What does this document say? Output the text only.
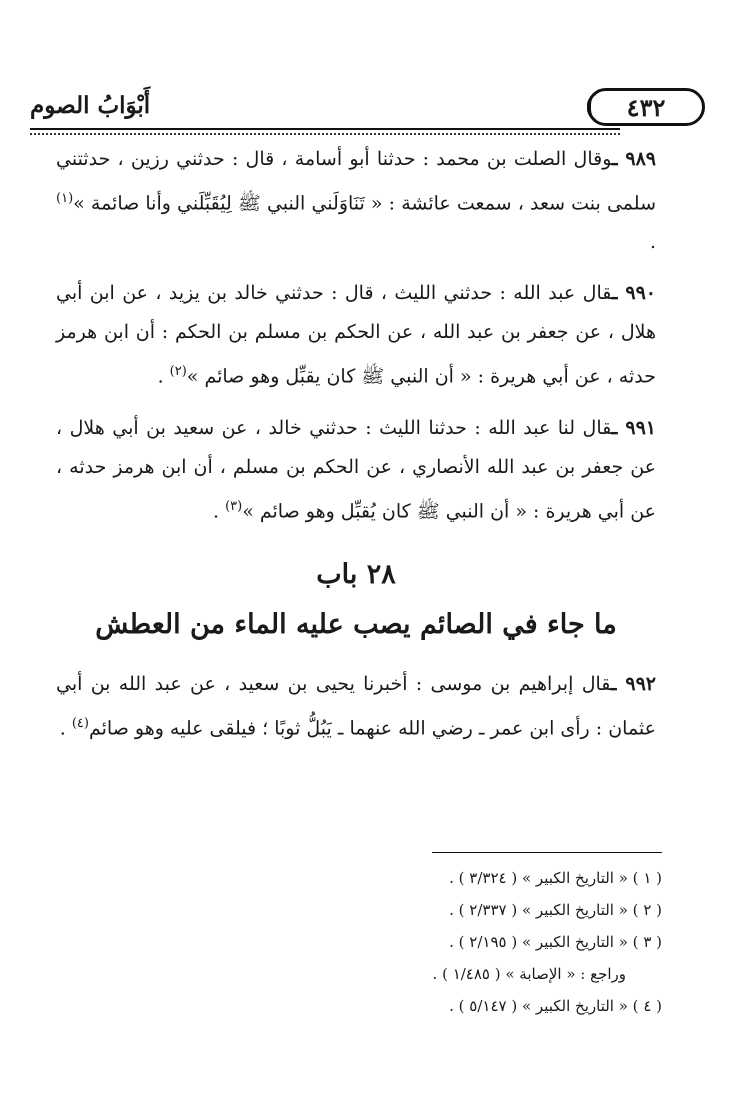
٤٣٢
أَبْوَابُ الصوم

٩٨٩ ـوقال الصلت بن محمد : حدثنا أبو أسامة ، قال : حدثني رزين ، حدثتني سلمى بنت سعد ، سمعت عائشة : « تَنَاوَلَني النبي ﷺ لِيُقَبِّلَني وأنا صائمة »$^{(١)}$ .

٩٩٠ ـقال عبد الله : حدثني الليث ، قال : حدثني خالد بن يزيد ، عن ابن أبي هلال ، عن جعفر بن عبد الله ، عن الحكم بن مسلم بن الحكم : أن ابن هرمز حدثه ، عن أبي هريرة : « أن النبي ﷺ كان يقبِّل وهو صائم »$^{(٢)}$ .

٩٩١ ـقال لنا عبد الله : حدثنا الليث : حدثني خالد ، عن سعيد بن أبي هلال ، عن جعفر بن عبد الله الأنصاري ، عن الحكم بن مسلم ، أن ابن هرمز حدثه ، عن أبي هريرة : « أن النبي ﷺ كان يُقبِّل وهو صائم »$^{(٣)}$ .

٢٨ باب
ما جاء في الصائم يصب عليه الماء من العطش

٩٩٢ ـقال إبراهيم بن موسى : أخبرنا يحيى بن سعيد ، عن عبد الله بن أبي عثمان : رأى ابن عمر ـ رضي الله عنهما ـ يَبُلُّ ثوبًا ؛ فيلقى عليه وهو صائم$^{(٤)}$ .

( ١ ) « التاريخ الكبير » ( ٣/٣٢٤ ) .
( ٢ ) « التاريخ الكبير » ( ٢/٣٣٧ ) .
( ٣ ) « التاريخ الكبير » ( ٢/١٩٥ ) .
وراجع : « الإصابة » ( ١/٤٨٥ ) .
( ٤ ) « التاريخ الكبير » ( ٥/١٤٧ ) .
